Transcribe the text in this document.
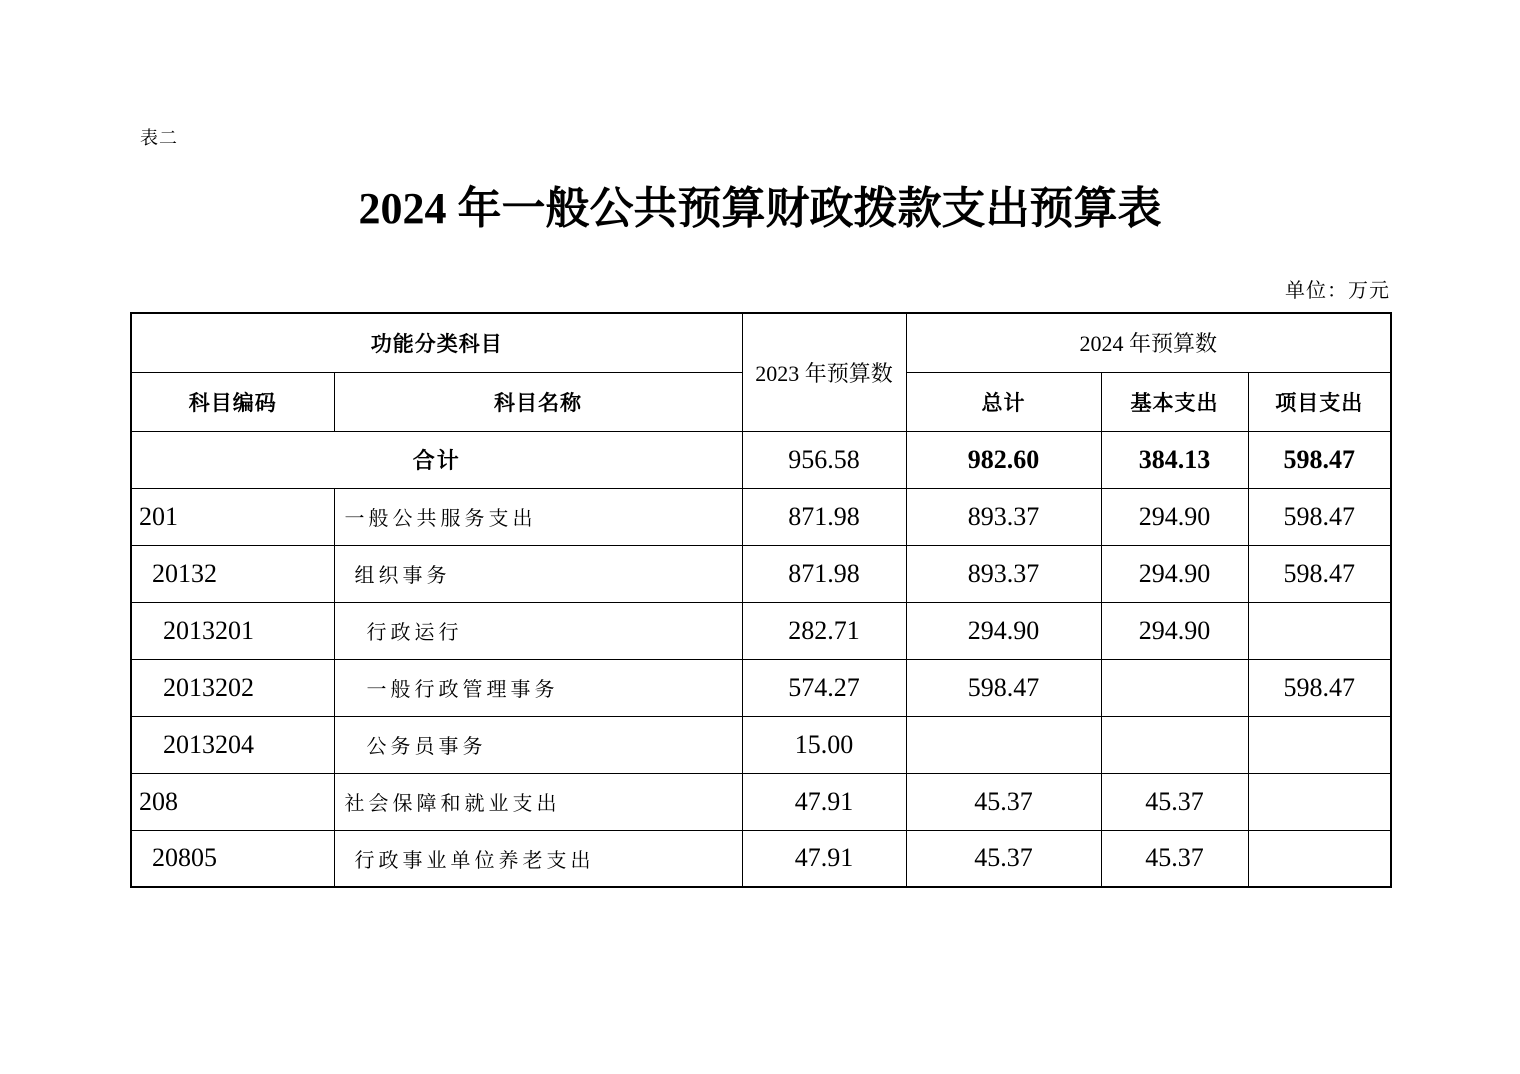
表二
2024 年一般公共预算财政拨款支出预算表
单位：万元
功能分类科目		2023 年预算数	2024 年预算数		
科目编码	科目名称		总计	基本支出	项目支出
合计		956.58	982.60	384.13	598.47
201	一般公共服务支出	871.98	893.37	294.90	598.47
20132	组织事务	871.98	893.37	294.90	598.47
2013201	行政运行	282.71	294.90	294.90	
2013202	一般行政管理事务	574.27	598.47		598.47
2013204	公务员事务	15.00			
208	社会保障和就业支出	47.91	45.37	45.37	
20805	行政事业单位养老支出	47.91	45.37	45.37	
